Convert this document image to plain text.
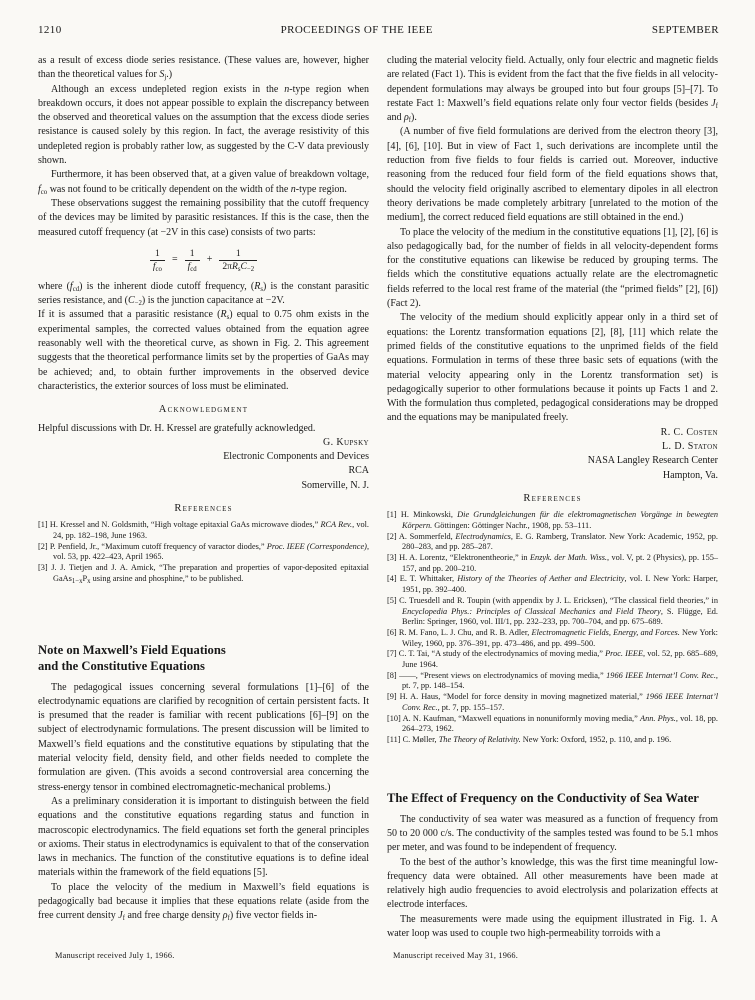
1210	PROCEEDINGS OF THE IEEE	SEPTEMBER

as a result of excess diode series resistance. (These values are, however, higher than the theoretical values for $S_j$.)

Although an excess undepleted region exists in the n-type region when breakdown occurs, it does not appear possible to explain the discrepancy between the observed and theoretical values on the assumption that the excess diode series resistance is caused solely by this region. In fact, the average resistivity of this undepleted region is probably rather low, as suggested by the C-V data previously shown.

Furthermore, it has been observed that, at a given value of breakdown voltage, $f_{co}$ was not found to be critically dependent on the width of the n-type region.

These observations suggest the remaining possibility that the cutoff frequency of the devices may be limited by parasitic resistances. If this is the case, then the measured cutoff frequency (at −2V in this case) consists of two parts:

$\frac{1}{f_{co}} = \frac{1}{f_{cd}} + \frac{1}{2\pi R_sC_{-2}}$

where $(f_{cd})$ is the inherent diode cutoff frequency, $(R_s)$ is the constant parasitic series resistance, and $(C_{-2})$ is the junction capacitance at −2V.

If it is assumed that a parasitic resistance $(R_s)$ equal to 0.75 ohm exists in the experimental samples, the corrected values obtained from the equation agree reasonably well with the theoretical curve, as shown in Fig. 2. This agreement suggests that the theoretical performance limits set by the properties of GaAs may be achieved; and, to obtain further improvements in the observed device characteristics, the exterior sources of loss must be eliminated.

Acknowledgment

Helpful discussions with Dr. H. Kressel are gratefully acknowledged.

G. Kupsky
Electronic Components and Devices
RCA
Somerville, N. J.

References

[1] H. Kressel and N. Goldsmith, “High voltage epitaxial GaAs microwave diodes,” RCA Rev., vol. 24, pp. 182–198, June 1963.

[2] P. Penfield, Jr., “Maximum cutoff frequency of varactor diodes,” Proc. IEEE (Correspondence), vol. 53, pp. 422–423, April 1965.

[3] J. J. Tietjen and J. A. Amick, “The preparation and properties of vapor-deposited epitaxial $GaAs_{1-x}P_x$ using arsine and phosphine,” to be published.

Note on Maxwell’s Field Equations
and the Constitutive Equations

The pedagogical issues concerning several formulations [1]–[6] of the electrodynamic equations are clarified by recognition of certain persistent facts. It is presumed that the reader is familiar with recent publications [6]–[9] on the subject of electrodynamic formulations. The present discussion will be limited to Maxwell’s field equations and the constitutive equations by stipulating that the material velocity field, density field, and other fields needed to complete the formulation are given. (This avoids a second controversial area concerning the stress-energy tensor in combined electromagnetic-mechanical problems.)

As a preliminary consideration it is important to distinguish between the field equations and the constitutive equations regarding status and function in macroscopic electrodynamics. The field equations set forth the general principles or axioms. Their status in electrodynamics is equivalent to that of the conservation laws in mechanics. The function of the constitutive equations is to define ideal materials within the framework of the field equations [5].

To place the velocity of the medium in Maxwell’s field equations is pedagogically bad because it implies that these equations relate (aside from the free current density $J_f$ and free charge density $\rho_f$) five vector fields in-

cluding the material velocity field. Actually, only four electric and magnetic fields are related (Fact 1). This is evident from the fact that the five fields in all velocity-dependent formulations may always be grouped into but four groups [5]–[7]. To restate Fact 1: Maxwell’s field equations relate only four vector fields (besides $J_f$ and $\rho_f$).

(A number of five field formulations are derived from the electron theory [3], [4], [6], [10]. But in view of Fact 1, such derivations are incomplete until the reduction from five fields to four fields is carried out. Moreover, inductive reasoning from the reduced four field form of the field equations shows that, should the velocity field originally ascribed to elementary dipoles in all electron theory derivations be made completely arbitrary [unrelated to the motion of the medium], the correct reduced field equations are still obtained in the end.)

To place the velocity of the medium in the constitutive equations [1], [2], [6] is also pedagogically bad, for the number of fields in all velocity-dependent forms for the constitutive equations can likewise be reduced by grouping terms. The fields which the constitutive equations actually relate are the electromagnetic fields referred to the local rest frame of the material (the “primed fields” [2], [6]) (Fact 2).

The velocity of the medium should explicitly appear only in a third set of equations: the Lorentz transformation equations [2], [8], [11] which relate the primed fields of the constitutive equations to the unprimed fields of the field equations. Formulation in terms of these three basic sets of equations (with the material velocity appearing only in the Lorentz transformation set) is pedagogically superior to other formulations because it points up Facts 1 and 2. With the formulation thus completed, pedagogical considerations may be dropped and the equations may be manipulated freely.

R. C. Costen
L. D. Staton
NASA Langley Research Center
Hampton, Va.

References

[1] H. Minkowski, Die Grundgleichungen für die elektromagnetischen Vorgänge in bewegten Körpern. Göttingen: Göttinger Nachr., 1908, pp. 53–111.

[2] A. Sommerfeld, Electrodynamics, E. G. Ramberg, Translator. New York: Academic, 1952, pp. 280–283, and pp. 285–287.

[3] H. A. Lorentz, “Elektronentheorie,” in Enzyk. der Math. Wiss., vol. V, pt. 2 (Physics), pp. 155–157, and pp. 200–210.

[4] E. T. Whittaker, History of the Theories of Aether and Electricity, vol. I. New York: Harper, 1951, pp. 392–400.

[5] C. Truesdell and R. Toupin (with appendix by J. L. Ericksen), “The classical field theories,” in Encyclopedia Phys.: Principles of Classical Mechanics and Field Theory, S. Flügge, Ed. Berlin: Springer, 1960, vol. III/1, pp. 232–233, pp. 700–704, and pp. 675–689.

[6] R. M. Fano, L. J. Chu, and R. B. Adler, Electromagnetic Fields, Energy, and Forces. New York: Wiley, 1960, pp. 376–391, pp. 473–486, and pp. 499–500.

[7] C. T. Tai, “A study of the electrodynamics of moving media,” Proc. IEEE, vol. 52, pp. 685–689, June 1964.

[8] ——, “Present views on electrodynamics of moving media,” 1966 IEEE Internat’l Conv. Rec., pt. 7, pp. 148–154.

[9] H. A. Haus, “Model for force density in moving magnetized material,” 1966 IEEE Internat’l Conv. Rec., pt. 7, pp. 155–157.

[10] A. N. Kaufman, “Maxwell equations in nonuniformly moving media,” Ann. Phys., vol. 18, pp. 264–273, 1962.

[11] C. Møller, The Theory of Relativity. New York: Oxford, 1952, p. 110, and p. 196.

The Effect of Frequency on the Conductivity of Sea Water

The conductivity of sea water was measured as a function of frequency from 50 to 20 000 c/s. The conductivity of the samples tested was found to be 5.1 mhos per meter, and was found to be independent of frequency.

To the best of the author’s knowledge, this was the first time meaningful low-frequency data were obtained. All other measurements have been made at relatively high audio frequencies to avoid electrolysis and polarization effects at electrode interfaces.

The measurements were made using the equipment illustrated in Fig. 1. A water loop was used to couple two high-permeability torroids with a

Manuscript received July 1, 1966.	Manuscript received May 31, 1966.
